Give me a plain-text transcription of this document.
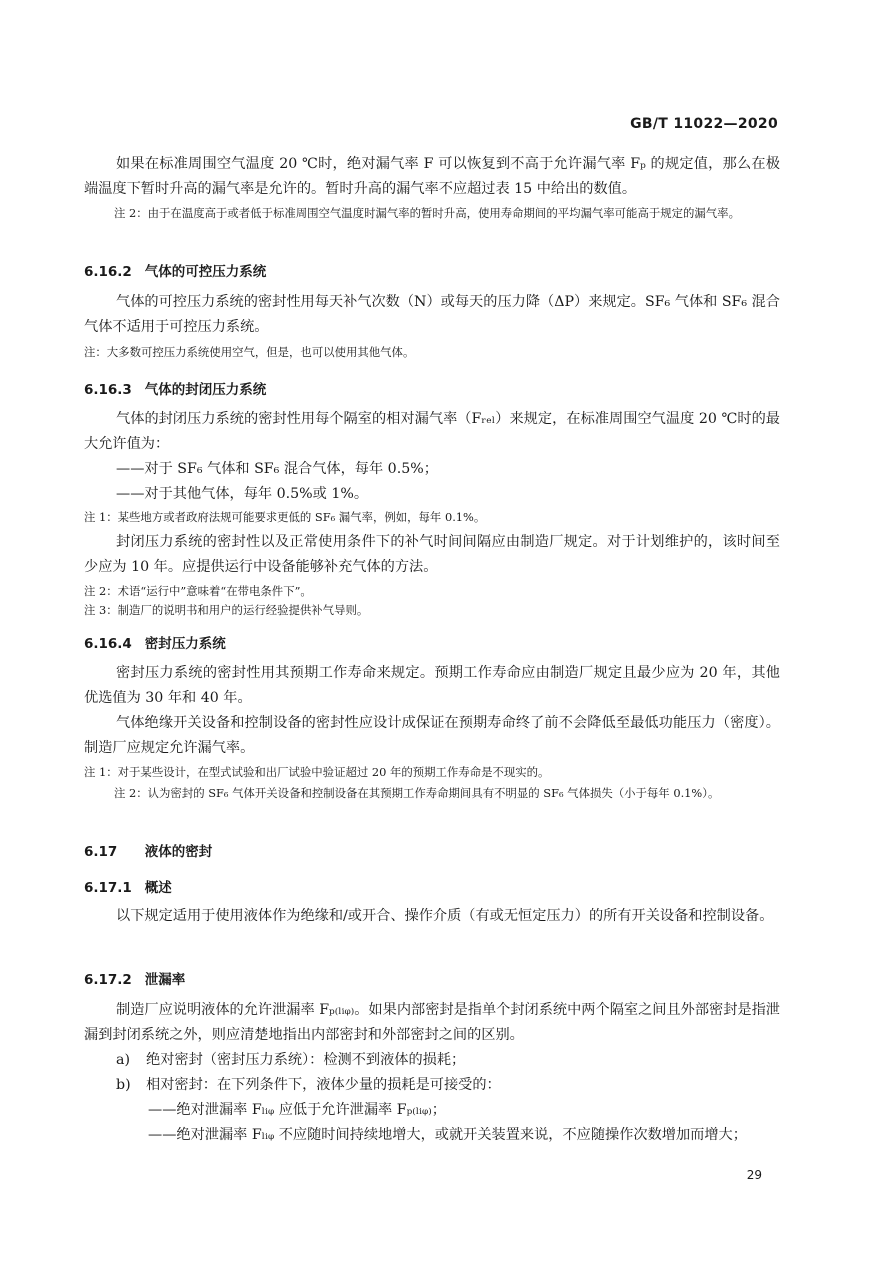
GB/T 11022—2020

如果在标准周围空气温度 20 ℃时，绝对漏气率 F 可以恢复到不高于允许漏气率 Fₚ 的规定值，那么在极端温度下暂时升高的漏气率是允许的。暂时升高的漏气率不应超过表 15 中给出的数值。

注 2：由于在温度高于或者低于标准周围空气温度时漏气率的暂时升高，使用寿命期间的平均漏气率可能高于规定的漏气率。

6.16.2 气体的可控压力系统

气体的可控压力系统的密封性用每天补气次数（N）或每天的压力降（ΔP）来规定。SF₆ 气体和 SF₆ 混合气体不适用于可控压力系统。

注：大多数可控压力系统使用空气，但是，也可以使用其他气体。

6.16.3 气体的封闭压力系统

气体的封闭压力系统的密封性用每个隔室的相对漏气率（Fᵣₑₗ）来规定，在标准周围空气温度 20 ℃时的最大允许值为：

——对于 SF₆ 气体和 SF₆ 混合气体，每年 0.5%；

——对于其他气体，每年 0.5%或 1%。

注 1：某些地方或者政府法规可能要求更低的 SF₆ 漏气率，例如，每年 0.1%。

封闭压力系统的密封性以及正常使用条件下的补气时间间隔应由制造厂规定。对于计划维护的，该时间至少应为 10 年。应提供运行中设备能够补充气体的方法。

注 2：术语“运行中”意味着“在带电条件下”。

注 3：制造厂的说明书和用户的运行经验提供补气导则。

6.16.4 密封压力系统

密封压力系统的密封性用其预期工作寿命来规定。预期工作寿命应由制造厂规定且最少应为 20 年，其他优选值为 30 年和 40 年。

气体绝缘开关设备和控制设备的密封性应设计成保证在预期寿命终了前不会降低至最低功能压力（密度）。制造厂应规定允许漏气率。

注 1：对于某些设计，在型式试验和出厂试验中验证超过 20 年的预期工作寿命是不现实的。

注 2：认为密封的 SF₆ 气体开关设备和控制设备在其预期工作寿命期间具有不明显的 SF₆ 气体损失（小于每年 0.1%）。

6.17 液体的密封
6.17.1 概述

以下规定适用于使用液体作为绝缘和/或开合、操作介质（有或无恒定压力）的所有开关设备和控制设备。

6.17.2 泄漏率

制造厂应说明液体的允许泄漏率 Fₚ₍ₗᵢᵩ₎。如果内部密封是指单个封闭系统中两个隔室之间且外部密封是指泄漏到封闭系统之外，则应清楚地指出内部密封和外部密封之间的区别。

a) 绝对密封（密封压力系统）：检测不到液体的损耗；

b) 相对密封：在下列条件下，液体少量的损耗是可接受的：

——绝对泄漏率 Fₗᵢᵩ 应低于允许泄漏率 Fₚ₍ₗᵢᵩ₎；

——绝对泄漏率 Fₗᵢᵩ 不应随时间持续地增大，或就开关装置来说，不应随操作次数增加而增大；

29
